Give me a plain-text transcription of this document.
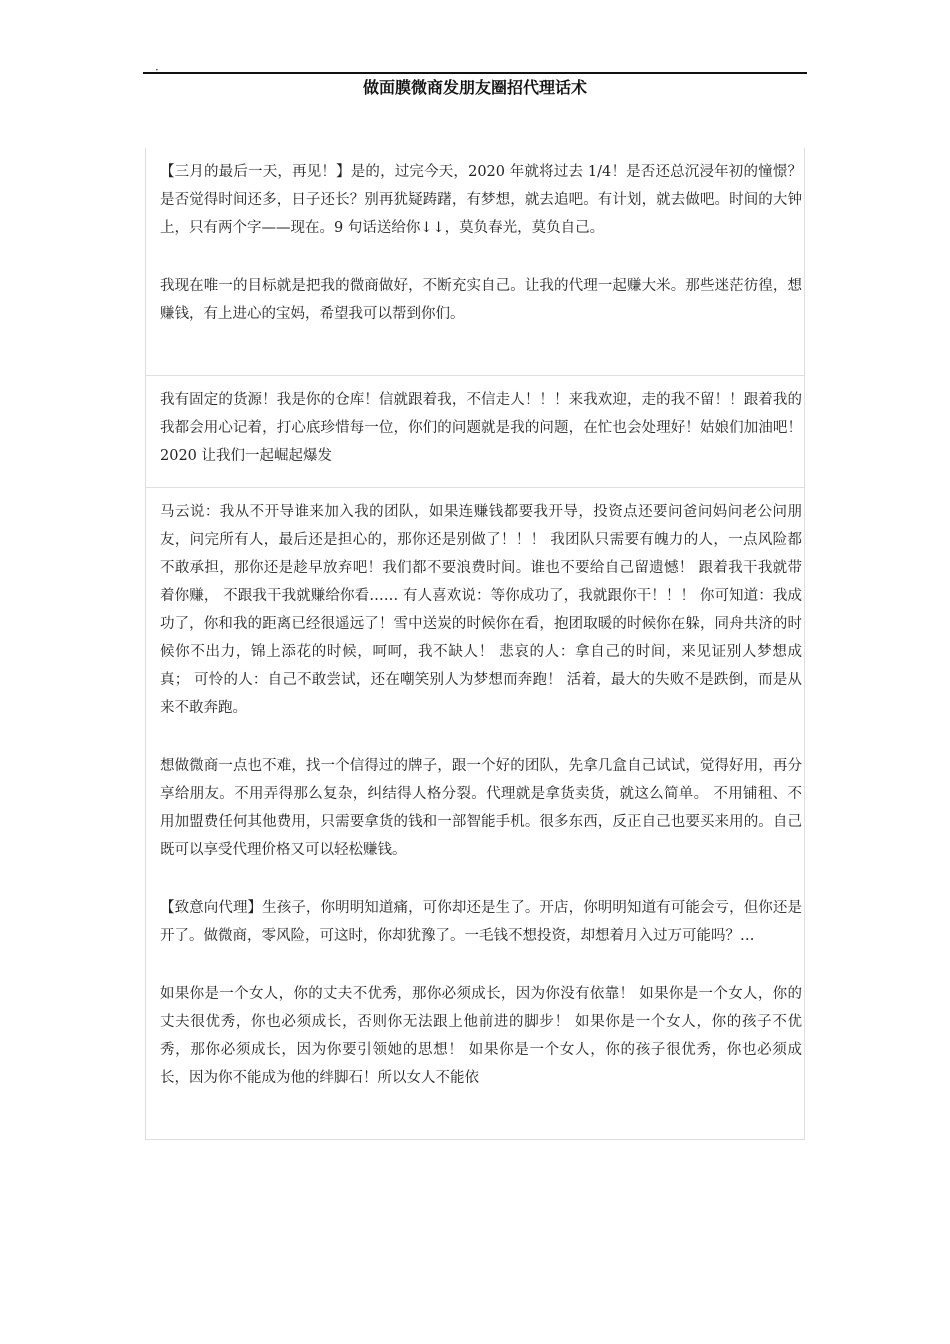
·
做面膜微商发朋友圈招代理话术

【三月的最后一天，再见！】是的，过完今天，2020 年就将过去 1/4！是否还总沉浸年初的憧憬？是否觉得时间还多，日子还长？别再犹疑踌躇，有梦想，就去追吧。有计划，就去做吧。时间的大钟上，只有两个字——现在。9 句话送给你↓↓，莫负春光，莫负自己。

我现在唯一的目标就是把我的微商做好，不断充实自己。让我的代理一起赚大米。那些迷茫彷徨，想赚钱，有上进心的宝妈，希望我可以帮到你们。

我有固定的货源！我是你的仓库！信就跟着我，不信走人！！！来我欢迎，走的我不留！！跟着我的我都会用心记着，打心底珍惜每一位，你们的问题就是我的问题，在忙也会处理好！姑娘们加油吧！2020 让我们一起崛起爆发

马云说：我从不开导谁来加入我的团队，如果连赚钱都要我开导，投资点还要问爸问妈问老公问朋友，问完所有人，最后还是担心的，那你还是别做了！！！ 我团队只需要有魄力的人，一点风险都不敢承担，那你还是趁早放弃吧！我们都不要浪费时间。谁也不要给自己留遗憾！ 跟着我干我就带着你赚， 不跟我干我就赚给你看…… 有人喜欢说：等你成功了，我就跟你干！！！ 你可知道：我成功了，你和我的距离已经很遥远了！雪中送炭的时候你在看，抱团取暖的时候你在躲，同舟共济的时候你不出力，锦上添花的时候，呵呵，我不缺人！ 悲哀的人：拿自己的时间，来见证别人梦想成真； 可怜的人：自己不敢尝试，还在嘲笑别人为梦想而奔跑！ 活着，最大的失败不是跌倒，而是从来不敢奔跑。

想做微商一点也不难，找一个信得过的牌子，跟一个好的团队，先拿几盒自己试试，觉得好用，再分享给朋友。不用弄得那么复杂，纠结得人格分裂。代理就是拿货卖货，就这么简单。 不用铺租、不用加盟费任何其他费用，只需要拿货的钱和一部智能手机。很多东西，反正自己也要买来用的。自己既可以享受代理价格又可以轻松赚钱。

【致意向代理】生孩子，你明明知道痛，可你却还是生了。开店，你明明知道有可能会亏，但你还是开了。做微商，零风险，可这时，你却犹豫了。一毛钱不想投资，却想着月入过万可能吗？…

如果你是一个女人，你的丈夫不优秀，那你必须成长，因为你没有依靠！ 如果你是一个女人，你的丈夫很优秀，你也必须成长，否则你无法跟上他前进的脚步！ 如果你是一个女人，你的孩子不优秀，那你必须成长，因为你要引领她的思想！ 如果你是一个女人，你的孩子很优秀，你也必须成长，因为你不能成为他的绊脚石！所以女人不能依
